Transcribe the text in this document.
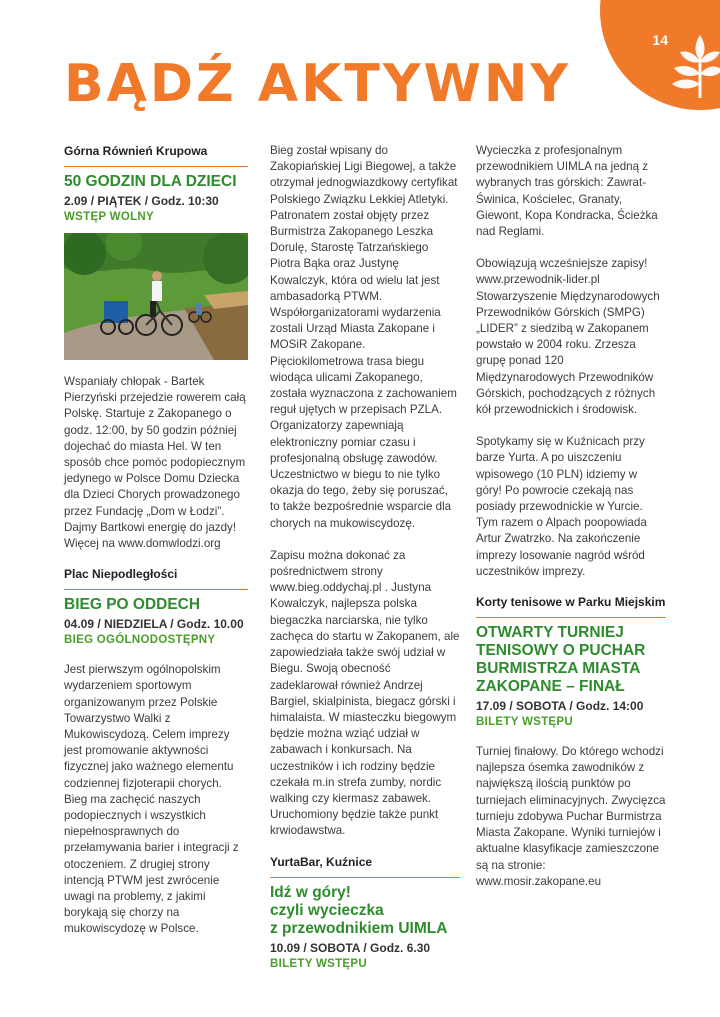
14
BĄDŹ AKTYWNY
Górna Równień Krupowa
50 GODZIN DLA DZIECI
2.09 / PIĄTEK / Godz. 10:30
WSTĘP WOLNY

Wspaniały chłopak - Bartek Pierzyński przejedzie rowerem całą Polskę. Startuje z Zakopanego o godz. 12:00, by 50 godzin później dojechać do miasta Hel. W ten sposób chce pomóc podopiecznym jedynego w Polsce Domu Dziecka dla Dzieci Chorych prowadzonego przez Fundację „Dom w Łodzi”. Dajmy Bartkowi energię do jazdy! Więcej na www.domwlodzi.org

Plac Niepodległości
BIEG PO ODDECH
04.09 / NIEDZIELA / Godz. 10.00
BIEG OGÓLNODOSTĘPNY

Jest pierwszym ogólnopolskim wydarzeniem sportowym organizowanym przez Polskie Towarzystwo Walki z Mukowiscydozą. Celem imprezy jest promowanie aktywności fizycznej jako ważnego elementu codziennej fizjoterapii chorych. Bieg ma zachęcić naszych podopiecznych i wszystkich niepełnosprawnych do przełamywania barier i integracji z otoczeniem. Z drugiej strony intencją PTWM jest zwrócenie uwagi na problemy, z jakimi borykają się chorzy na mukowiscydozę w Polsce.

Bieg został wpisany do Zakopiańskiej Ligi Biegowej, a także otrzymał jednogwiazdkowy certyfikat Polskiego Związku Lekkiej Atletyki. Patronatem został objęty przez Burmistrza Zakopanego Leszka Dorulę, Starostę Tatrzańskiego Piotra Bąka oraz Justynę Kowalczyk, która od wielu lat jest ambasadorką PTWM. Współorganizatorami wydarzenia zostali Urząd Miasta Zakopane i MOSiR Zakopane. Pięciokilometrowa trasa biegu wiodąca ulicami Zakopanego, została wyznaczona z zachowaniem reguł ujętych w przepisach PZLA. Organizatorzy zapewniają elektroniczny pomiar czasu i profesjonalną obsługę zawodów. Uczestnictwo w biegu to nie tylko okazja do tego, żeby się poruszać, to także bezpośrednie wsparcie dla chorych na mukowiscydozę.

Zapisu można dokonać za pośrednictwem strony www.bieg.oddychaj.pl . Justyna Kowalczyk, najlepsza polska biegaczka narciarska, nie tylko zachęca do startu w Zakopanem, ale zapowiedziała także swój udział w Biegu. Swoją obecność zadeklarował również Andrzej Bargiel, skialpinista, biegacz górski i himalaista. W miasteczku biegowym będzie można wziąć udział w zabawach i konkursach. Na uczestników i ich rodziny będzie czekała m.in strefa zumby, nordic walking czy kiermasz zabawek. Uruchomiony będzie także punkt krwiodawstwa.

YurtaBar, Kuźnice
Idź w góry!
czyli wycieczka
z przewodnikiem UIMLA
10.09 / SOBOTA / Godz. 6.30
BILETY WSTĘPU

Wycieczka z profesjonalnym przewodnikiem UIMLA na jedną z wybranych tras górskich: Zawrat-Świnica, Kościelec, Granaty, Giewont, Kopa Kondracka, Ścieżka nad Reglami.

Obowiązują wcześniejsze zapisy! www.przewodnik-lider.pl Stowarzyszenie Międzynarodowych Przewodników Górskich (SMPG) „LIDER” z siedzibą w Zakopanem powstało w 2004 roku. Zrzesza grupę ponad 120 Międzynarodowych Przewodników Górskich, pochodzących z różnych kół przewodnickich i środowisk.

Spotykamy się w Kuźnicach przy barze Yurta. A po uiszczeniu wpisowego (10 PLN) idziemy w góry! Po powrocie czekają nas posiady przewodnickie w Yurcie. Tym razem o Alpach poopowiada Artur Zwatrzko. Na zakończenie imprezy losowanie nagród wśród uczestników imprezy.

Korty tenisowe w Parku Miejskim
OTWARTY TURNIEJ
TENISOWY O PUCHAR
BURMISTRZA MIASTA
ZAKOPANE – FINAŁ
17.09 / SOBOTA / Godz. 14:00
BILETY WSTĘPU

Turniej finałowy. Do którego wchodzi najlepsza ósemka zawodników z największą ilością punktów po turniejach eliminacyjnych. Zwycięzca turnieju zdobywa Puchar Burmistrza Miasta Zakopane. Wyniki turniejów i aktualne klasyfikacje zamieszczone są na stronie: www.mosir.zakopane.eu
